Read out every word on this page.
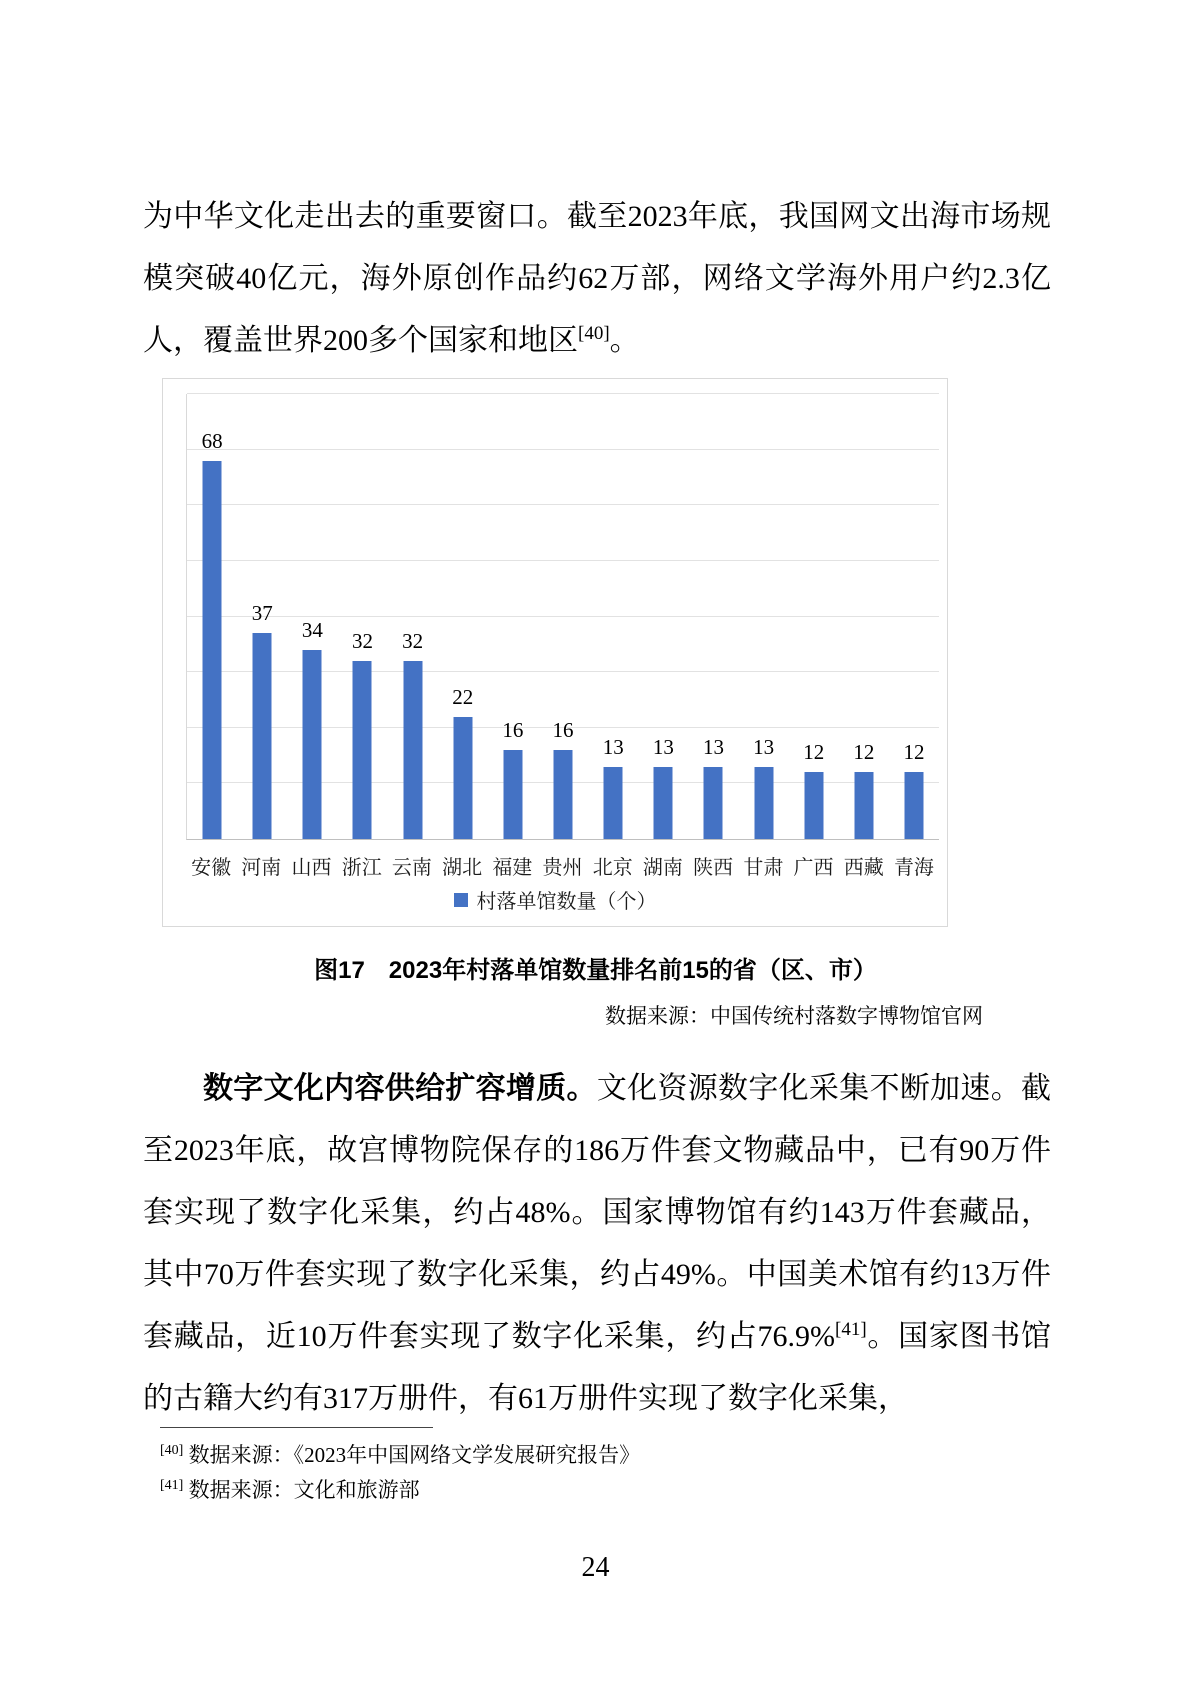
为中华文化走出去的重要窗口。截至2023年底，我国网文出海市场规模突破40亿元，海外原创作品约62万部，网络文学海外用户约2.3亿人，覆盖世界200多个国家和地区[40]。

68
37
34	32	32
22
16	16
13	13	13	13	12	12	12
安徽 河南 山西 浙江 云南 湖北 福建 贵州 北京 湖南 陕西 甘肃 广西 西藏 青海
村落单馆数量（个）

图17　2023年村落单馆数量排名前15的省（区、市）

数据来源：中国传统村落数字博物馆官网

数字文化内容供给扩容增质。文化资源数字化采集不断加速。截至2023年底，故宫博物院保存的186万件套文物藏品中，已有90万件套实现了数字化采集，约占48%。国家博物馆有约143万件套藏品，其中70万件套实现了数字化采集，约占49%。中国美术馆有约13万件套藏品，近10万件套实现了数字化采集，约占76.9%[41]。国家图书馆的古籍大约有317万册件，有61万册件实现了数字化采集，

[40] 数据来源：《2023年中国网络文学发展研究报告》

[41] 数据来源：文化和旅游部

24
